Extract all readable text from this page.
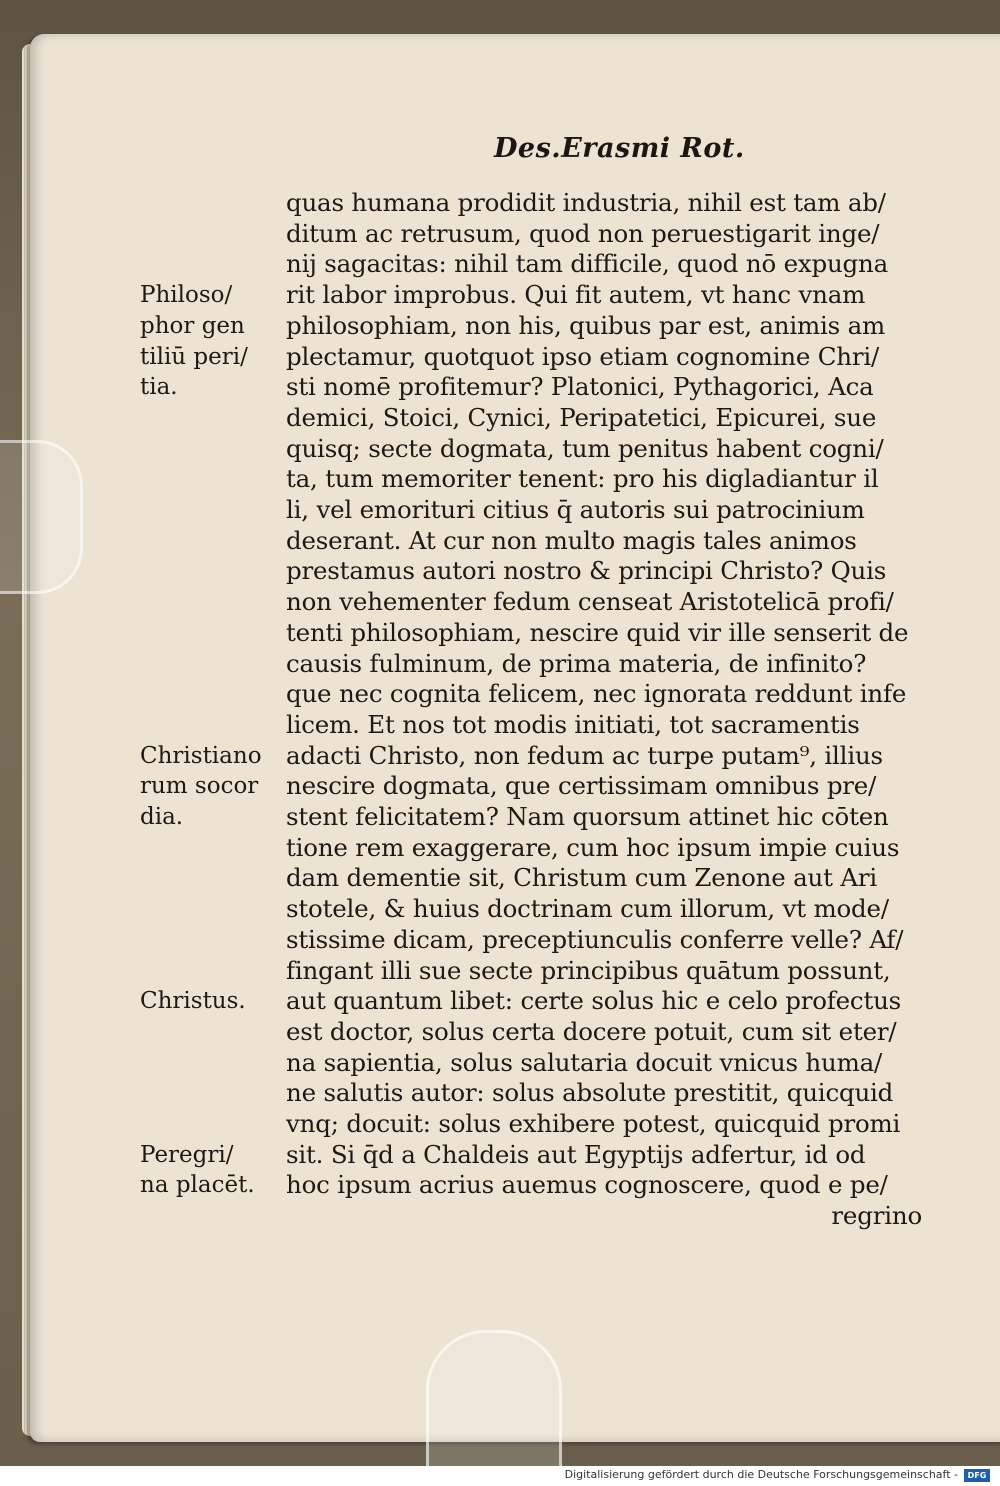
Des.Erasmi Rot.
quas humana prodidit industria, nihil est tam ab/
ditum ac retrusum, quod non peruestigarit inge/
nij sagacitas: nihil tam difficile, quod nō expugna
rit labor improbus. Qui fit autem, vt hanc vnam
philosophiam, non his, quibus par est, animis am
plectamur, quotquot ipso etiam cognomine Chri/
sti nomē profitemur? Platonici, Pythagorici, Aca
demici, Stoici, Cynici, Peripatetici, Epicurei, sue
quisq; secte dogmata, tum penitus habent cogni/
ta, tum memoriter tenent: pro his digladiantur il
li, vel emorituri citius q̄ autoris sui patrocinium
deserant. At cur non multo magis tales animos
prestamus autori nostro & principi Christo? Quis
non vehementer fedum censeat Aristotelicā profi/
tenti philosophiam, nescire quid vir ille senserit de
causis fulminum, de prima materia, de infinito?
que nec cognita felicem, nec ignorata reddunt infe
licem. Et nos tot modis initiati, tot sacramentis
adacti Christo, non fedum ac turpe putam⁹, illius
nescire dogmata, que certissimam omnibus pre/
stent felicitatem? Nam quorsum attinet hic cōten
tione rem exaggerare, cum hoc ipsum impie cuius
dam dementie sit, Christum cum Zenone aut Ari
stotele, & huius doctrinam cum illorum, vt mode/
stissime dicam, preceptiunculis conferre velle? Af/
fingant illi sue secte principibus quātum possunt,
aut quantum libet: certe solus hic e celo profectus
est doctor, solus certa docere potuit, cum sit eter/
na sapientia, solus salutaria docuit vnicus huma/
ne salutis autor: solus absolute prestitit, quicquid
vnq; docuit: solus exhibere potest, quicquid promi
sit. Si q̄d a Chaldeis aut Egyptijs adfertur, id od
hoc ipsum acrius auemus cognoscere, quod e pe/
regrino
Philoso/
phor gen
tiliū peri/
tia.
Christiano
rum socor
dia.
Christus.
Peregri/
na placēt.
Digitalisierung gefördert durch die Deutsche Forschungsgemeinschaft -	DFG
